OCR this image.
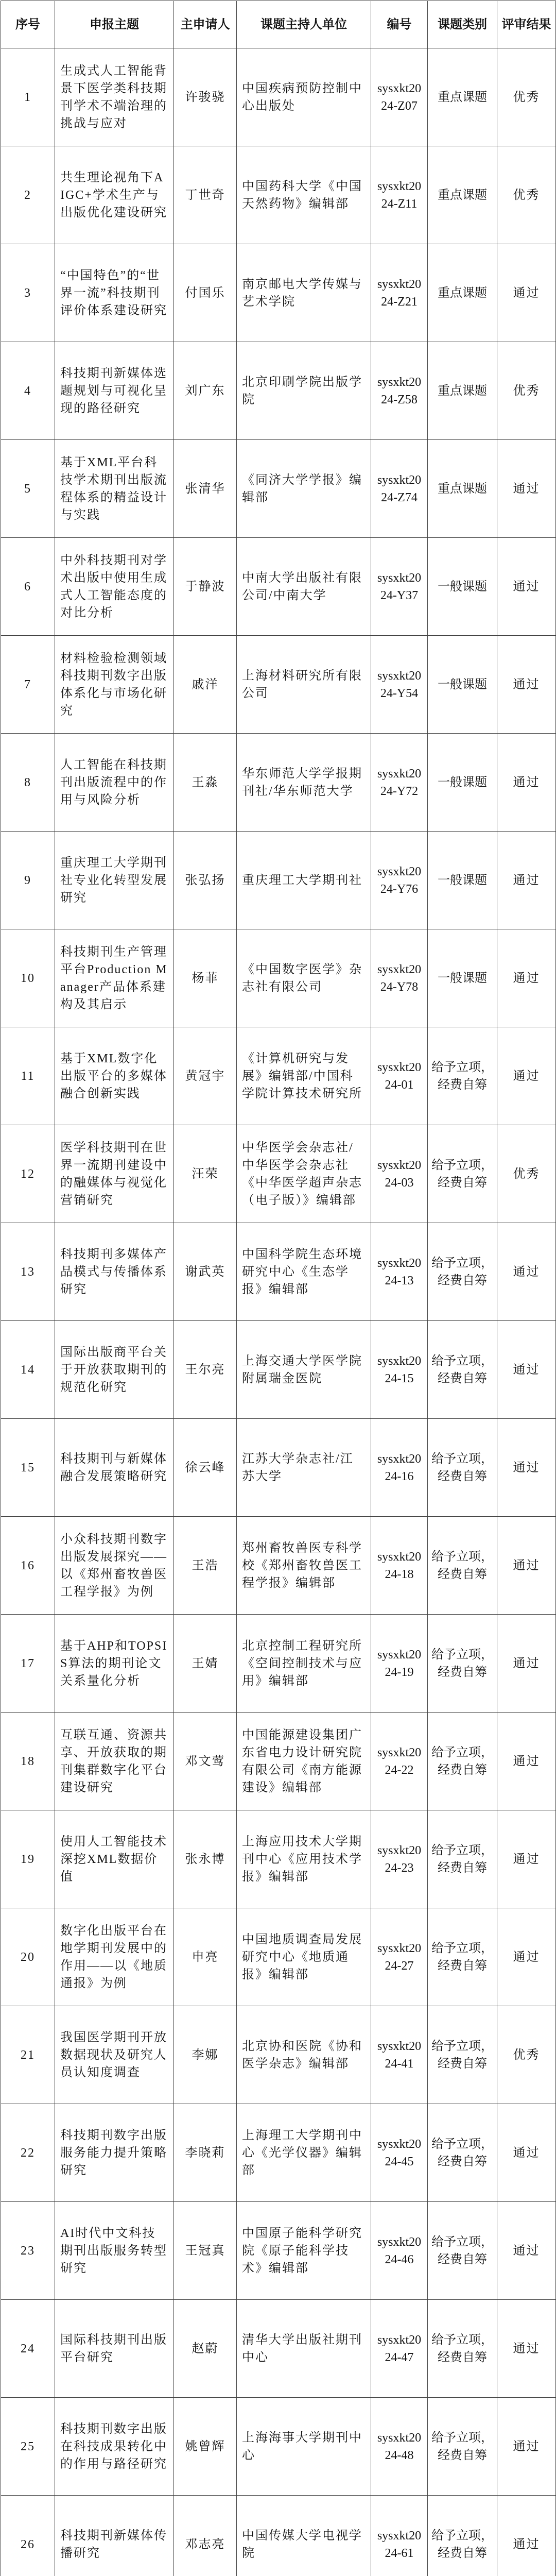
序号	申报主题	主申请人	课题主持人单位	编号	课题类别	评审结果
1	生成式人工智能背景下医学类科技期刊学术不端治理的挑战与应对	许骏骁	中国疾病预防控制中心出版处	sysxkt2024-Z07	重点课题	优秀
2	共生理论视角下AIGC+学术生产与出版优化建设研究	丁世奇	中国药科大学《中国天然药物》编辑部	sysxkt2024-Z11	重点课题	优秀
3	“中国特色”的“世界一流”科技期刊评价体系建设研究	付国乐	南京邮电大学传媒与艺术学院	sysxkt2024-Z21	重点课题	通过
4	科技期刊新媒体选题规划与可视化呈现的路径研究	刘广东	北京印刷学院出版学院	sysxkt2024-Z58	重点课题	优秀
5	基于XML平台科技学术期刊出版流程体系的精益设计与实践	张清华	《同济大学学报》编辑部	sysxkt2024-Z74	重点课题	通过
6	中外科技期刊对学术出版中使用生成式人工智能态度的对比分析	于静波	中南大学出版社有限公司/中南大学	sysxkt2024-Y37	一般课题	通过
7	材料检验检测领域科技期刊数字出版体系化与市场化研究	戚洋	上海材料研究所有限公司	sysxkt2024-Y54	一般课题	通过
8	人工智能在科技期刊出版流程中的作用与风险分析	王淼	华东师范大学学报期刊社/华东师范大学	sysxkt2024-Y72	一般课题	通过
9	重庆理工大学期刊社专业化转型发展研究	张弘扬	重庆理工大学期刊社	sysxkt2024-Y76	一般课题	通过
10	科技期刊生产管理平台Production Manager产品体系建构及其启示	杨菲	《中国数字医学》杂志社有限公司	sysxkt2024-Y78	一般课题	通过
11	基于XML数字化出版平台的多媒体融合创新实践	黄冠宇	《计算机研究与发展》编辑部/中国科学院计算技术研究所	sysxkt2024-01	给予立项，经费自筹	通过
12	医学科技期刊在世界一流期刊建设中的融媒体与视觉化营销研究	汪荣	中华医学会杂志社/中华医学会杂志社《中华医学超声杂志（电子版）》编辑部	sysxkt2024-03	给予立项，经费自筹	优秀
13	科技期刊多媒体产品模式与传播体系研究	谢武英	中国科学院生态环境研究中心《生态学报》编辑部	sysxkt2024-13	给予立项，经费自筹	通过
14	国际出版商平台关于开放获取期刊的规范化研究	王尔亮	上海交通大学医学院附属瑞金医院	sysxkt2024-15	给予立项，经费自筹	通过
15	科技期刊与新媒体融合发展策略研究	徐云峰	江苏大学杂志社/江苏大学	sysxkt2024-16	给予立项，经费自筹	通过
16	小众科技期刊数字出版发展探究——以《郑州畜牧兽医工程学报》为例	王浩	郑州畜牧兽医专科学校《郑州畜牧兽医工程学报》编辑部	sysxkt2024-18	给予立项，经费自筹	通过
17	基于AHP和TOPSIS算法的期刊论文关系量化分析	王婧	北京控制工程研究所《空间控制技术与应用》编辑部	sysxkt2024-19	给予立项，经费自筹	通过
18	互联互通、资源共享、开放获取的期刊集群数字化平台建设研究	邓文莺	中国能源建设集团广东省电力设计研究院有限公司《南方能源建设》编辑部	sysxkt2024-22	给予立项，经费自筹	通过
19	使用人工智能技术深挖XML数据价值	张永博	上海应用技术大学期刊中心《应用技术学报》编辑部	sysxkt2024-23	给予立项，经费自筹	通过
20	数字化出版平台在地学期刊发展中的作用——以《地质通报》为例	申亮	中国地质调查局发展研究中心《地质通报》编辑部	sysxkt2024-27	给予立项，经费自筹	通过
21	我国医学期刊开放数据现状及研究人员认知度调查	李娜	北京协和医院《协和医学杂志》编辑部	sysxkt2024-41	给予立项，经费自筹	优秀
22	科技期刊数字出版服务能力提升策略研究	李晓莉	上海理工大学期刊中心《光学仪器》编辑部	sysxkt2024-45	给予立项，经费自筹	通过
23	AI时代中文科技期刊出版服务转型研究	王冠真	中国原子能科学研究院《原子能科学技术》编辑部	sysxkt2024-46	给予立项，经费自筹	通过
24	国际科技期刊出版平台研究	赵蔚	清华大学出版社期刊中心	sysxkt2024-47	给予立项，经费自筹	通过
25	科技期刊数字出版在科技成果转化中的作用与路径研究	姚曾辉	上海海事大学期刊中心	sysxkt2024-48	给予立项，经费自筹	通过
26	科技期刊新媒体传播研究	邓志亮	中国传媒大学电视学院	sysxkt2024-61	给予立项，经费自筹	通过
